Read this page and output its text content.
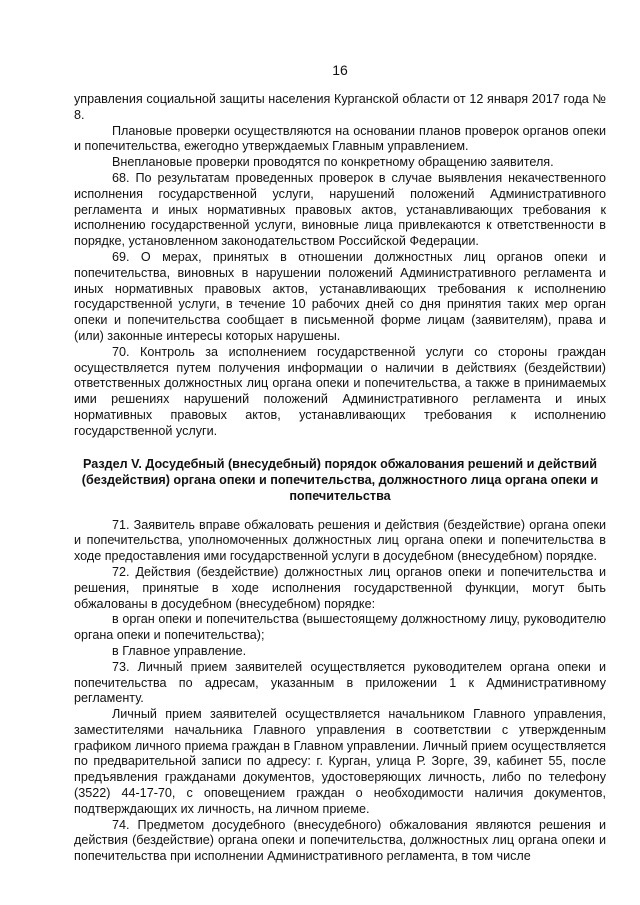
16

управления социальной защиты населения Курганской области от 12 января 2017 года № 8.

Плановые проверки осуществляются на основании планов проверок органов опеки и попечительства, ежегодно утверждаемых Главным управлением.

Внеплановые проверки проводятся по конкретному обращению заявителя.

68. По результатам проведенных проверок в случае выявления некачественного исполнения государственной услуги, нарушений положений Административного регламента и иных нормативных правовых актов, устанавливающих требования к исполнению государственной услуги, виновные лица привлекаются к ответственности в порядке, установленном законодательством Российской Федерации.

69. О мерах, принятых в отношении должностных лиц органов опеки и попечительства, виновных в нарушении положений Административного регламента и иных нормативных правовых актов, устанавливающих требования к исполнению государственной услуги, в течение 10 рабочих дней со дня принятия таких мер орган опеки и попечительства сообщает в письменной форме лицам (заявителям), права и (или) законные интересы которых нарушены.

70. Контроль за исполнением государственной услуги со стороны граждан осуществляется путем получения информации о наличии в действиях (бездействии) ответственных должностных лиц органа опеки и попечительства, а также в принимаемых ими решениях нарушений положений Административного регламента и иных нормативных правовых актов, устанавливающих требования к исполнению государственной услуги.

Раздел V. Досудебный (внесудебный) порядок обжалования решений и действий (бездействия) органа опеки и попечительства, должностного лица органа опеки и попечительства

71. Заявитель вправе обжаловать решения и действия (бездействие) органа опеки и попечительства, уполномоченных должностных лиц органа опеки и попечительства в ходе предоставления ими государственной услуги в досудебном (внесудебном) порядке.

72. Действия (бездействие) должностных лиц органов опеки и попечительства и решения, принятые в ходе исполнения государственной функции, могут быть обжалованы в досудебном (внесудебном) порядке:

в орган опеки и попечительства (вышестоящему должностному лицу, руководителю органа опеки и попечительства);

в Главное управление.

73. Личный прием заявителей осуществляется руководителем органа опеки и попечительства по адресам, указанным в приложении 1 к Административному регламенту.

Личный прием заявителей осуществляется начальником Главного управления, заместителями начальника Главного управления в соответствии с утвержденным графиком личного приема граждан в Главном управлении. Личный прием осуществляется по предварительной записи по адресу: г. Курган, улица Р. Зорге, 39, кабинет 55, после предъявления гражданами документов, удостоверяющих личность, либо по телефону (3522) 44-17-70, с оповещением граждан о необходимости наличия документов, подтверждающих их личность, на личном приеме.

74. Предметом досудебного (внесудебного) обжалования являются решения и действия (бездействие) органа опеки и попечительства, должностных лиц органа опеки и попечительства при исполнении Административного регламента, в том числе
